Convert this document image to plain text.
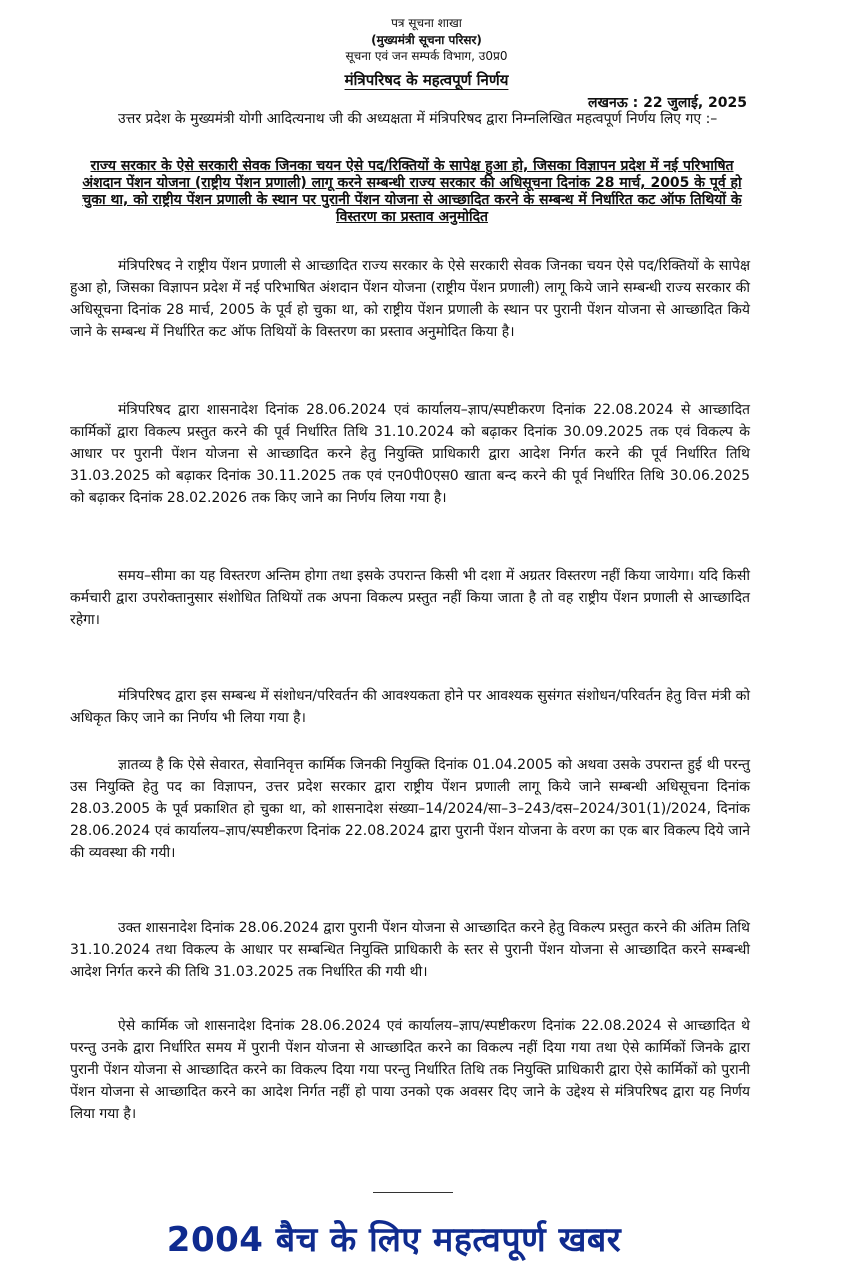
पत्र सूचना शाखा
(मुख्यमंत्री सूचना परिसर)
सूचना एवं जन सम्पर्क विभाग, उ0प्र0
मंत्रिपरिषद के महत्वपूर्ण निर्णय
लखनऊ : 22 जुलाई, 2025

उत्तर प्रदेश के मुख्यमंत्री योगी आदित्यनाथ जी की अध्यक्षता में मंत्रिपरिषद द्वारा निम्नलिखित महत्वपूर्ण निर्णय लिए गए :–

राज्य सरकार के ऐसे सरकारी सेवक जिनका चयन ऐसे पद/रिक्तियों के सापेक्ष हुआ हो, जिसका विज्ञापन प्रदेश में नई परिभाषित अंशदान पेंशन योजना (राष्ट्रीय पेंशन प्रणाली) लागू करने सम्बन्धी राज्य सरकार की अधिसूचना दिनांक 28 मार्च, 2005 के पूर्व हो चुका था, को राष्ट्रीय पेंशन प्रणाली के स्थान पर पुरानी पेंशन योजना से आच्छादित करने के सम्बन्ध में निर्धारित कट ऑफ तिथियों के विस्तरण का प्रस्ताव अनुमोदित

मंत्रिपरिषद ने राष्ट्रीय पेंशन प्रणाली से आच्छादित राज्य सरकार के ऐसे सरकारी सेवक जिनका चयन ऐसे पद/रिक्तियों के सापेक्ष हुआ हो, जिसका विज्ञापन प्रदेश में नई परिभाषित अंशदान पेंशन योजना (राष्ट्रीय पेंशन प्रणाली) लागू किये जाने सम्बन्धी राज्य सरकार की अधिसूचना दिनांक 28 मार्च, 2005 के पूर्व हो चुका था, को राष्ट्रीय पेंशन प्रणाली के स्थान पर पुरानी पेंशन योजना से आच्छादित किये जाने के सम्बन्ध में निर्धारित कट ऑफ तिथियों के विस्तरण का प्रस्ताव अनुमोदित किया है।

मंत्रिपरिषद द्वारा शासनादेश दिनांक 28.06.2024 एवं कार्यालय–ज्ञाप/स्पष्टीकरण दिनांक 22.08.2024 से आच्छादित कार्मिकों द्वारा विकल्प प्रस्तुत करने की पूर्व निर्धारित तिथि 31.10.2024 को बढ़ाकर दिनांक 30.09.2025 तक एवं विकल्प के आधार पर पुरानी पेंशन योजना से आच्छादित करने हेतु नियुक्ति प्राधिकारी द्वारा आदेश निर्गत करने की पूर्व निर्धारित तिथि 31.03.2025 को बढ़ाकर दिनांक 30.11.2025 तक एवं एन0पी0एस0 खाता बन्द करने की पूर्व निर्धारित तिथि 30.06.2025 को बढ़ाकर दिनांक 28.02.2026 तक किए जाने का निर्णय लिया गया है।

समय–सीमा का यह विस्तरण अन्तिम होगा तथा इसके उपरान्त किसी भी दशा में अग्रतर विस्तरण नहीं किया जायेगा। यदि किसी कर्मचारी द्वारा उपरोक्तानुसार संशोधित तिथियों तक अपना विकल्प प्रस्तुत नहीं किया जाता है तो वह राष्ट्रीय पेंशन प्रणाली से आच्छादित रहेगा।

मंत्रिपरिषद द्वारा इस सम्बन्ध में संशोधन/परिवर्तन की आवश्यकता होने पर आवश्यक सुसंगत संशोधन/परिवर्तन हेतु वित्त मंत्री को अधिकृत किए जाने का निर्णय भी लिया गया है।

ज्ञातव्य है कि ऐसे सेवारत, सेवानिवृत्त कार्मिक जिनकी नियुक्ति दिनांक 01.04.2005 को अथवा उसके उपरान्त हुई थी परन्तु उस नियुक्ति हेतु पद का विज्ञापन, उत्तर प्रदेश सरकार द्वारा राष्ट्रीय पेंशन प्रणाली लागू किये जाने सम्बन्धी अधिसूचना दिनांक 28.03.2005 के पूर्व प्रकाशित हो चुका था, को शासनादेश संख्या–14/2024/सा–3–243/दस–2024/301(1)/2024, दिनांक 28.06.2024 एवं कार्यालय–ज्ञाप/स्पष्टीकरण दिनांक 22.08.2024 द्वारा पुरानी पेंशन योजना के वरण का एक बार विकल्प दिये जाने की व्यवस्था की गयी।

उक्त शासनादेश दिनांक 28.06.2024 द्वारा पुरानी पेंशन योजना से आच्छादित करने हेतु विकल्प प्रस्तुत करने की अंतिम तिथि 31.10.2024 तथा विकल्प के आधार पर सम्बन्धित नियुक्ति प्राधिकारी के स्तर से पुरानी पेंशन योजना से आच्छादित करने सम्बन्धी आदेश निर्गत करने की तिथि 31.03.2025 तक निर्धारित की गयी थी।

ऐसे कार्मिक जो शासनादेश दिनांक 28.06.2024 एवं कार्यालय–ज्ञाप/स्पष्टीकरण दिनांक 22.08.2024 से आच्छादित थे परन्तु उनके द्वारा निर्धारित समय में पुरानी पेंशन योजना से आच्छादित करने का विकल्प नहीं दिया गया तथा ऐसे कार्मिकों जिनके द्वारा पुरानी पेंशन योजना से आच्छादित करने का विकल्प दिया गया परन्तु निर्धारित तिथि तक नियुक्ति प्राधिकारी द्वारा ऐसे कार्मिकों को पुरानी पेंशन योजना से आच्छादित करने का आदेश निर्गत नहीं हो पाया उनको एक अवसर दिए जाने के उद्देश्य से मंत्रिपरिषद द्वारा यह निर्णय लिया गया है।

2004 बैच के लिए महत्वपूर्ण खबर
